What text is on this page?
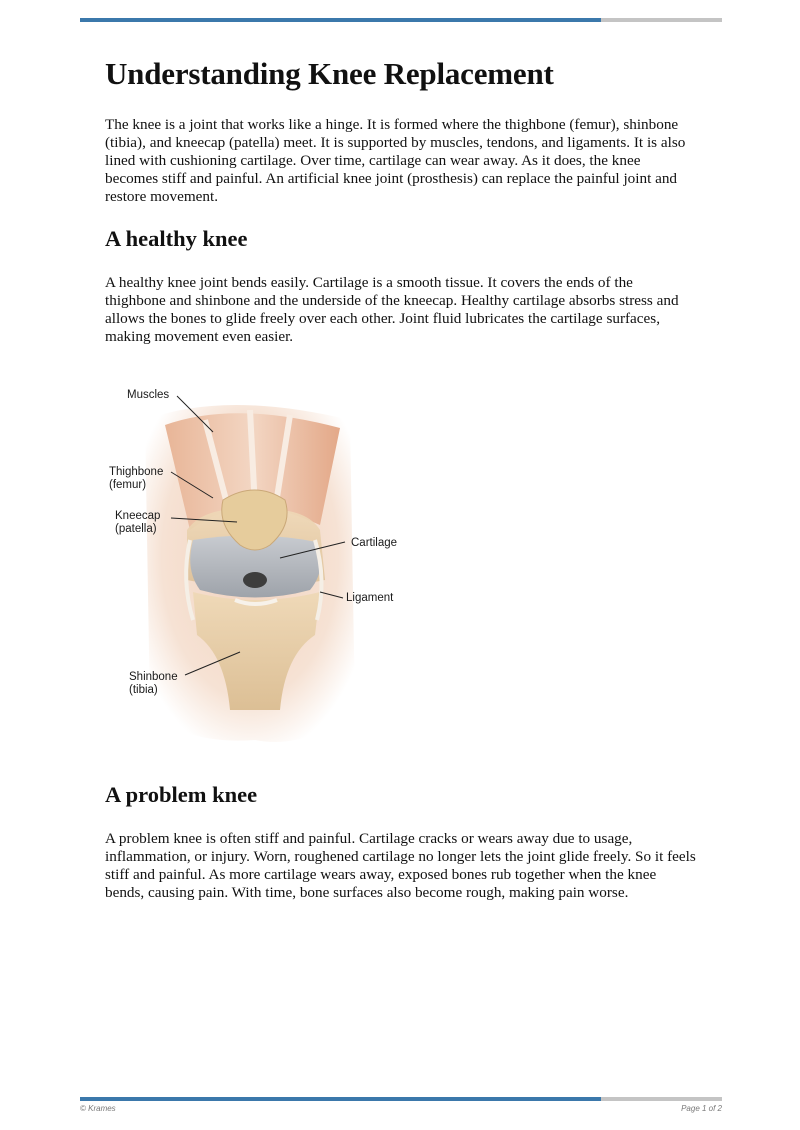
Understanding Knee Replacement

The knee is a joint that works like a hinge. It is formed where the thighbone (femur), shinbone (tibia), and kneecap (patella) meet. It is supported by muscles, tendons, and ligaments. It is also lined with cushioning cartilage. Over time, cartilage can wear away. As it does, the knee becomes stiff and painful. An artificial knee joint (prosthesis) can replace the painful joint and restore movement.

A healthy knee

A healthy knee joint bends easily. Cartilage is a smooth tissue. It covers the ends of the thighbone and shinbone and the underside of the kneecap. Healthy cartilage absorbs stress and allows the bones to glide freely over each other. Joint fluid lubricates the cartilage surfaces, making movement even easier.

Muscles
Thighbone
(femur)
Kneecap
(patella)
Cartilage
Ligament
Shinbone
(tibia)
A problem knee

A problem knee is often stiff and painful. Cartilage cracks or wears away due to usage, inflammation, or injury. Worn, roughened cartilage no longer lets the joint glide freely. So it feels stiff and painful. As more cartilage wears away, exposed bones rub together when the knee bends, causing pain. With time, bone surfaces also become rough, making pain worse.

© Krames	Page 1 of 2
